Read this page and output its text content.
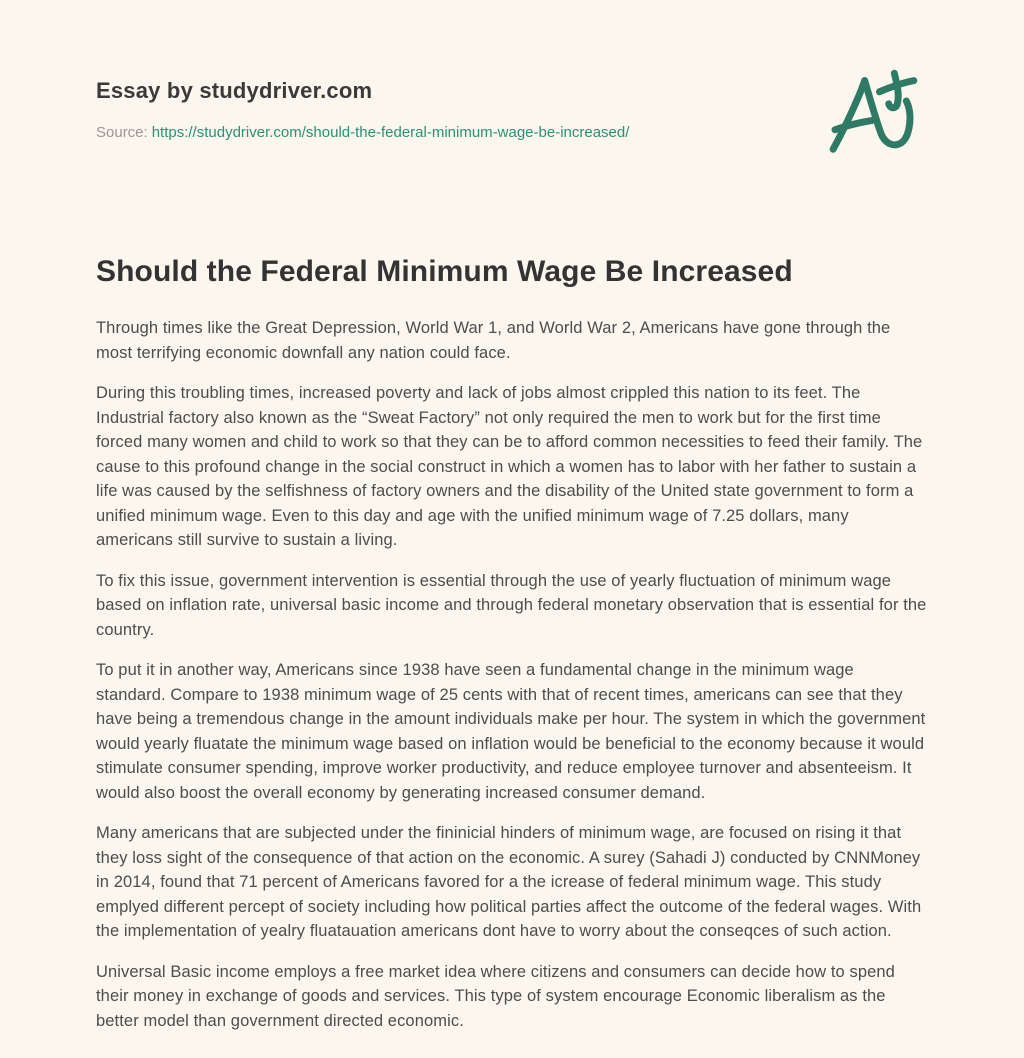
Essay by studydriver.com
Source: https://studydriver.com/should-the-federal-minimum-wage-be-increased/
Should the Federal Minimum Wage Be Increased

Through times like the Great Depression, World War 1, and World War 2, Americans have gone through the most terrifying economic downfall any nation could face.

During this troubling times, increased poverty and lack of jobs almost crippled this nation to its feet. The Industrial factory also known as the “Sweat Factory” not only required the men to work but for the first time forced many women and child to work so that they can be to afford common necessities to feed their family. The cause to this profound change in the social construct in which a women has to labor with her father to sustain a life was caused by the selfishness of factory owners and the disability of the United state government to form a unified minimum wage. Even to this day and age with the unified minimum wage of 7.25 dollars, many americans still survive to sustain a living.

To fix this issue, government intervention is essential through the use of yearly fluctuation of minimum wage based on inflation rate, universal basic income and through federal monetary observation that is essential for the country.

To put it in another way, Americans since 1938 have seen a fundamental change in the minimum wage standard. Compare to 1938 minimum wage of 25 cents with that of recent times, americans can see that they have being a tremendous change in the amount individuals make per hour. The system in which the government would yearly fluatate the minimum wage based on inflation would be beneficial to the economy because it would stimulate consumer spending, improve worker productivity, and reduce employee turnover and absenteeism. It would also boost the overall economy by generating increased consumer demand.

Many americans that are subjected under the fininicial hinders of minimum wage, are focused on rising it that they loss sight of the consequence of that action on the economic. A surey (Sahadi J) conducted by CNNMoney in 2014, found that 71 percent of Americans favored for a the icrease of federal minimum wage. This study emplyed different percept of society including how political parties affect the outcome of the federal wages. With the implementation of yealry fluatauation americans dont have to worry about the conseqces of such action.

Universal Basic income employs a free market idea where citizens and consumers can decide how to spend their money in exchange of goods and services. This type of system encourage Economic liberalism as the better model than government directed economic.
